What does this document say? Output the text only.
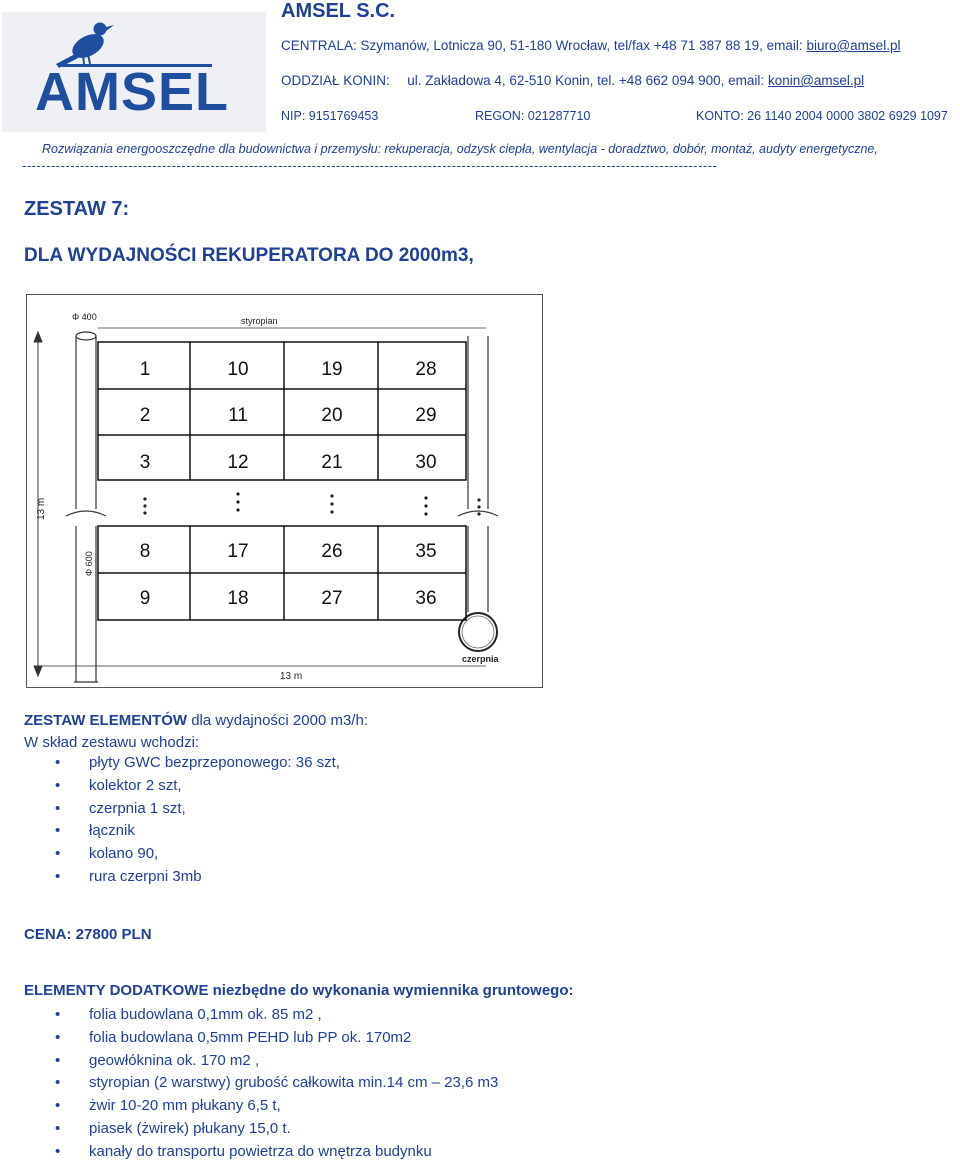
AMSEL
AMSEL S.C.
CENTRALA: Szymanów, Lotnicza 90, 51-180 Wrocław, tel/fax +48 71 387 88 19, email: biuro@amsel.pl
ODDZIAŁ KONIN: ul. Zakładowa 4, 62-510 Konin, tel. +48 662 094 900, email: konin@amsel.pl
NIP: 9151769453	REGON: 021287710	KONTO: 26 1140 2004 0000 3802 6929 1097
Rozwiązania energooszczędne dla budownictwa i przemysłu: rekuperacja, odzysk ciepła, wentylacja - doradztwo, dobór, montaż, audyty energetyczne,
------------------------------------------------------------------------------------------------------------------------------------------------
ZESTAW 7:
DLA WYDAJNOŚCI REKUPERATORA DO 2000m3,
styropian
Φ 400
Φ 600
czerpnia
13 m
13 m
1	10	19	28
2	11	20	29
3	12	21	30
8	17	26	35
9	18	27	36
ZESTAW ELEMENTÓW dla wydajności 2000 m3/h:
W skład zestawu wchodzi:
• płyty GWC bezprzeponowego: 36 szt,
• kolektor 2 szt,
• czerpnia 1 szt,
• łącznik
• kolano 90,
• rura czerpni 3mb
CENA: 27800 PLN
ELEMENTY DODATKOWE niezbędne do wykonania wymiennika gruntowego:
• folia budowlana 0,1mm ok. 85 m2 ,
• folia budowlana 0,5mm PEHD lub PP ok. 170m2
• geowłóknina ok. 170 m2 ,
• styropian (2 warstwy) grubość całkowita min.14 cm – 23,6 m3
• żwir 10-20 mm płukany 6,5 t,
• piasek (żwirek) płukany 15,0 t.
• kanały do transportu powietrza do wnętrza budynku
